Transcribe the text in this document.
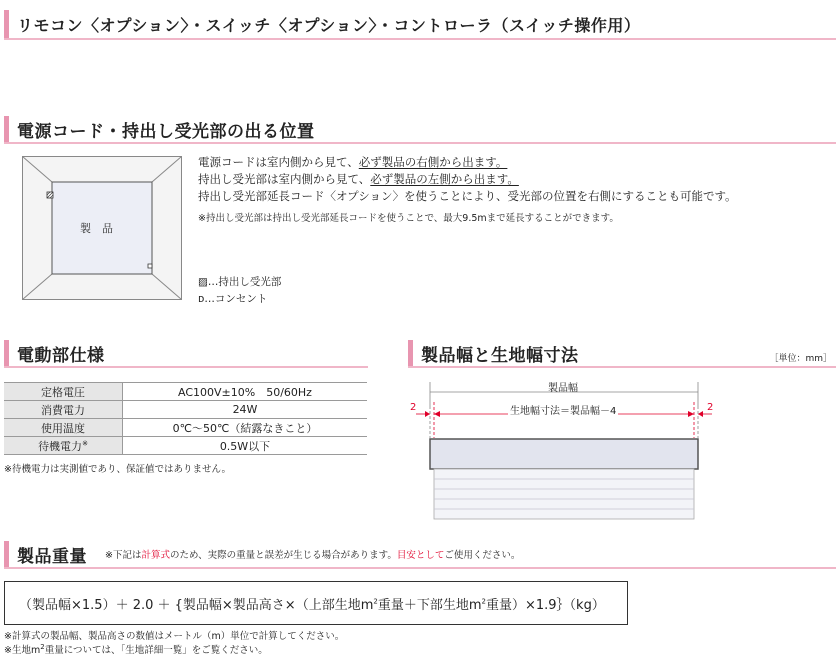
リモコン〈オプション〉・スイッチ〈オプション〉・コントローラ（スイッチ操作用）
電源コード・持出し受光部の出る位置
製　品
電源コードは室内側から見て、必ず製品の右側から出ます。
持出し受光部は室内側から見て、必ず製品の左側から出ます。
持出し受光部延長コード〈オプション〉を使うことにより、受光部の位置を右側にすることも可能です。
※持出し受光部は持出し受光部延長コードを使うことで、最大9.5mまで延長することができます。
▨…持出し受光部
ᴅ…コンセント
電動部仕様
定格電圧	AC100V±10%　50/60Hz
消費電力	24W
使用温度	0℃～50℃（結露なきこと）
待機電力※	0.5W以下
※待機電力は実測値であり、保証値ではありません。
製品幅と生地幅寸法	［単位：mm］
製品幅
生地幅寸法＝製品幅－4
2	2
製品重量 ※下記は計算式のため、実際の重量と誤差が生じる場合があります。目安としてご使用ください。
（製品幅×1.5）＋ 2.0 ＋ {製品幅×製品高さ×（上部生地$m^2$重量＋下部生地$m^2$重量）×1.9｝（kg）
※計算式の製品幅、製品高さの数値はメートル（m）単位で計算してください。
※生地$m^2$重量については、「生地詳細一覧」をご覧ください。
